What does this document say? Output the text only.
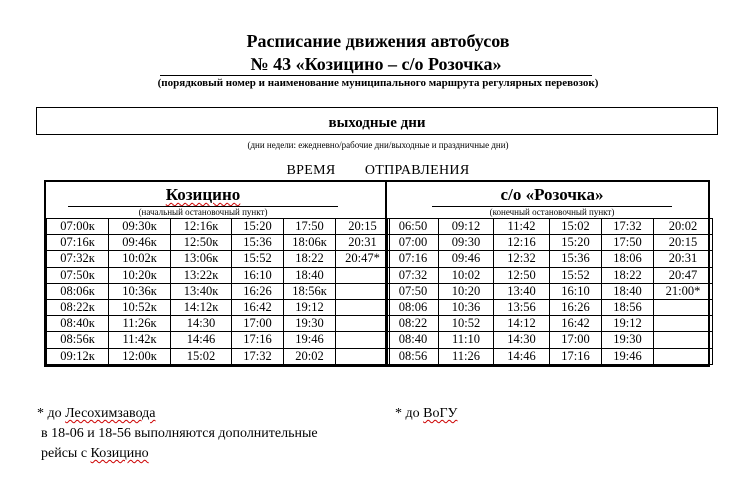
Расписание движения автобусов
№ 43 «Козицино – с/о Розочка»
(порядковый номер и наименование муниципального маршрута регулярных перевозок)
выходные дни
(дни недели: ежедневно/рабочие дни/выходные и праздничные дни)
ВРЕМЯ   ОТПРАВЛЕНИЯ
Козицино
(начальный остановочный пункт)
с/о «Розочка»
(конечный остановочный пункт)
07:00к	09:30к	12:16к	15:20	17:50	20:15
07:16к	09:46к	12:50к	15:36	18:06к	20:31
07:32к	10:02к	13:06к	15:52	18:22	20:47*
07:50к	10:20к	13:22к	16:10	18:40	
08:06к	10:36к	13:40к	16:26	18:56к	
08:22к	10:52к	14:12к	16:42	19:12	
08:40к	11:26к	14:30	17:00	19:30	
08:56к	11:42к	14:46	17:16	19:46	
09:12к	12:00к	15:02	17:32	20:02	
06:50	09:12	11:42	15:02	17:32	20:02
07:00	09:30	12:16	15:20	17:50	20:15
07:16	09:46	12:32	15:36	18:06	20:31
07:32	10:02	12:50	15:52	18:22	20:47
07:50	10:20	13:40	16:10	18:40	21:00*
08:06	10:36	13:56	16:26	18:56	
08:22	10:52	14:12	16:42	19:12	
08:40	11:10	14:30	17:00	19:30	
08:56	11:26	14:46	17:16	19:46	
* до Лесохимзавода
в 18-06 и 18-56 выполняются дополнительные
рейсы с Козицино
* до ВоГУ
